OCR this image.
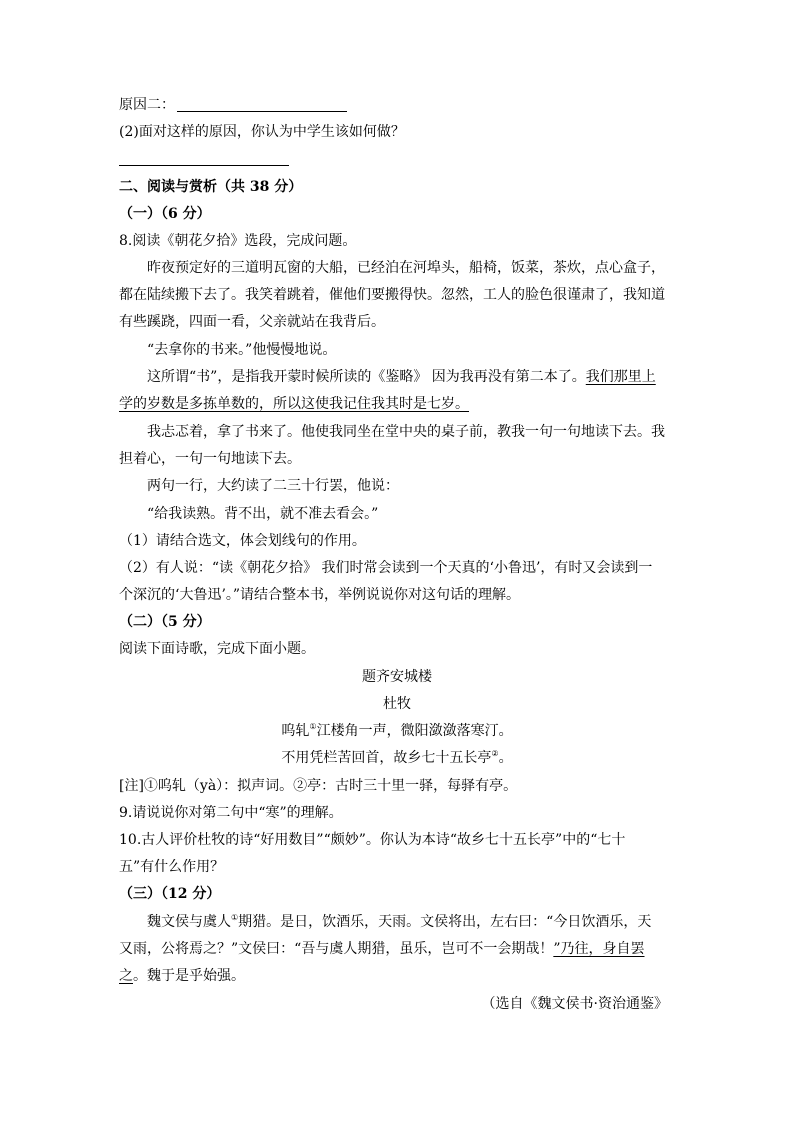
原因二：
(2)面对这样的原因，你认为中学生该如何做？
二、阅读与赏析（共 38 分）
（一）（6 分）
8.阅读《朝花夕拾》选段，完成问题。
昨夜预定好的三道明瓦窗的大船，已经泊在河埠头，船椅，饭菜，茶炊，点心盒子，
都在陆续搬下去了。我笑着跳着，催他们要搬得快。忽然，工人的脸色很谨肃了，我知道
有些蹊跷，四面一看，父亲就站在我背后。
“去拿你的书来。”他慢慢地说。
这所谓“书”，是指我开蒙时候所读的《鉴略》 因为我再没有第二本了。我们那里上
学的岁数是多拣单数的，所以这使我记住我其时是七岁。
我忐忑着，拿了书来了。他使我同坐在堂中央的桌子前，教我一句一句地读下去。我
担着心，一句一句地读下去。
两句一行，大约读了二三十行罢，他说：
“给我读熟。背不出，就不准去看会。”
（1）请结合选文，体会划线句的作用。
（2）有人说：“读《朝花夕拾》 我们时常会读到一个天真的‘小鲁迅’，有时又会读到一
个深沉的‘大鲁迅’。”请结合整本书，举例说说你对这句话的理解。
（二）（5 分）
阅读下面诗歌，完成下面小题。
题齐安城楼
杜牧
呜轧①江楼角一声，微阳潋潋落寒汀。
不用凭栏苦回首，故乡七十五长亭②。
[注]①呜轧（yà）：拟声词。②亭：古时三十里一驿，每驿有亭。
9.请说说你对第二句中“寒”的理解。
10.古人评价杜牧的诗“好用数目”“颇妙”。你认为本诗“故乡七十五长亭”中的“七十
五”有什么作用？
（三）（12 分）
魏文侯与虞人①期猎。是日，饮酒乐，天雨。文侯将出，左右曰：“今日饮酒乐，天
又雨，公将焉之？”文侯曰：“吾与虞人期猎，虽乐，岂可不一会期哉！”乃往，身自罢
之。魏于是乎始强。
（选自《魏文侯书·资治通鉴》
